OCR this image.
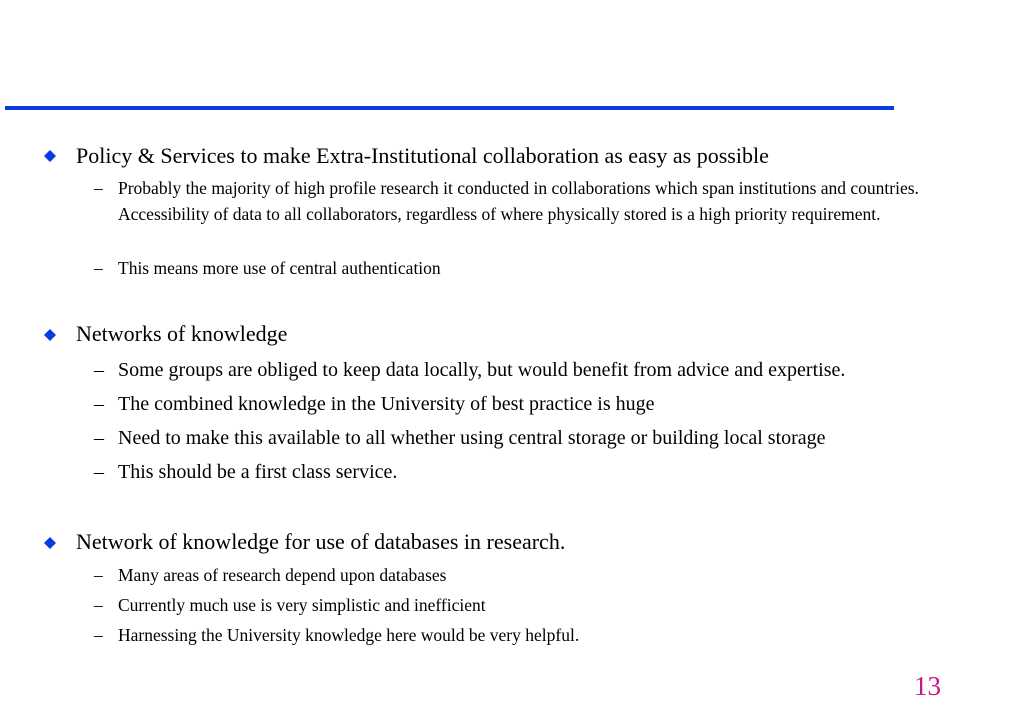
Policy & Services to make Extra-Institutional collaboration as easy as possible
– Probably the majority of high profile research it conducted in collaborations which span institutions and countries. Accessibility of data to all collaborators, regardless of where physically stored is a high priority requirement.
– This means more use of central authentication
Networks of knowledge
– Some groups are obliged to keep data locally, but would benefit from advice and expertise.
– The combined knowledge in the University of best practice is huge
– Need to make this available to all whether using central storage or building local storage
– This should be a first class service.
Network of knowledge for use of databases in research.
– Many areas of research depend upon databases
– Currently much use is very simplistic and inefficient
– Harnessing the University knowledge here would be very helpful.
13
